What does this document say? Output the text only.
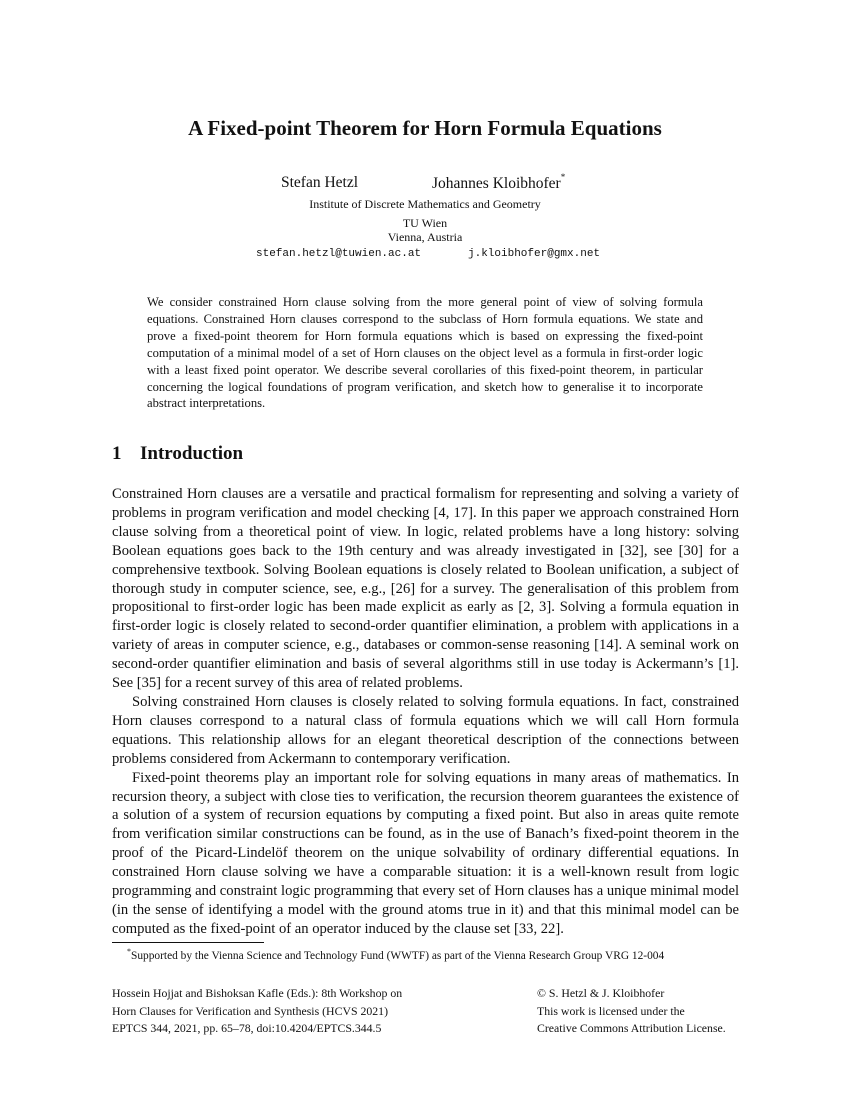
A Fixed-point Theorem for Horn Formula Equations
Stefan Hetzl	Johannes Kloibhofer*
Institute of Discrete Mathematics and Geometry
TU Wien
Vienna, Austria
stefan.hetzl@tuwien.ac.at	j.kloibhofer@gmx.net

We consider constrained Horn clause solving from the more general point of view of solving formula equations. Constrained Horn clauses correspond to the subclass of Horn formula equations. We state and prove a fixed-point theorem for Horn formula equations which is based on expressing the fixed-point computation of a minimal model of a set of Horn clauses on the object level as a formula in first-order logic with a least fixed point operator. We describe several corollaries of this fixed-point theorem, in particular concerning the logical foundations of program verification, and sketch how to generalise it to incorporate abstract interpretations.

1 Introduction

Constrained Horn clauses are a versatile and practical formalism for representing and solving a variety of problems in program verification and model checking [4, 17]. In this paper we approach constrained Horn clause solving from a theoretical point of view. In logic, related problems have a long history: solving Boolean equations goes back to the 19th century and was already investigated in [32], see [30] for a comprehensive textbook. Solving Boolean equations is closely related to Boolean unification, a subject of thorough study in computer science, see, e.g., [26] for a survey. The generalisation of this problem from propositional to first-order logic has been made explicit as early as [2, 3]. Solving a formula equation in first-order logic is closely related to second-order quantifier elimination, a problem with applications in a variety of areas in computer science, e.g., databases or common-sense reasoning [14]. A seminal work on second-order quantifier elimination and basis of several algorithms still in use today is Ackermann’s [1]. See [35] for a recent survey of this area of related problems.

Solving constrained Horn clauses is closely related to solving formula equations. In fact, constrained Horn clauses correspond to a natural class of formula equations which we will call Horn formula equations. This relationship allows for an elegant theoretical description of the connections between problems considered from Ackermann to contemporary verification.

Fixed-point theorems play an important role for solving equations in many areas of mathematics. In recursion theory, a subject with close ties to verification, the recursion theorem guarantees the existence of a solution of a system of recursion equations by computing a fixed point. But also in areas quite remote from verification similar constructions can be found, as in the use of Banach’s fixed-point theorem in the proof of the Picard-Lindelöf theorem on the unique solvability of ordinary differential equations. In constrained Horn clause solving we have a comparable situation: it is a well-known result from logic programming and constraint logic programming that every set of Horn clauses has a unique minimal model (in the sense of identifying a model with the ground atoms true in it) and that this minimal model can be computed as the fixed-point of an operator induced by the clause set [33, 22].

*Supported by the Vienna Science and Technology Fund (WWTF) as part of the Vienna Research Group VRG 12-004

Hossein Hojjat and Bishoksan Kafle (Eds.): 8th Workshop on
Horn Clauses for Verification and Synthesis (HCVS 2021)
EPTCS 344, 2021, pp. 65–78, doi:10.4204/EPTCS.344.5
© S. Hetzl & J. Kloibhofer
This work is licensed under the
Creative Commons Attribution License.
